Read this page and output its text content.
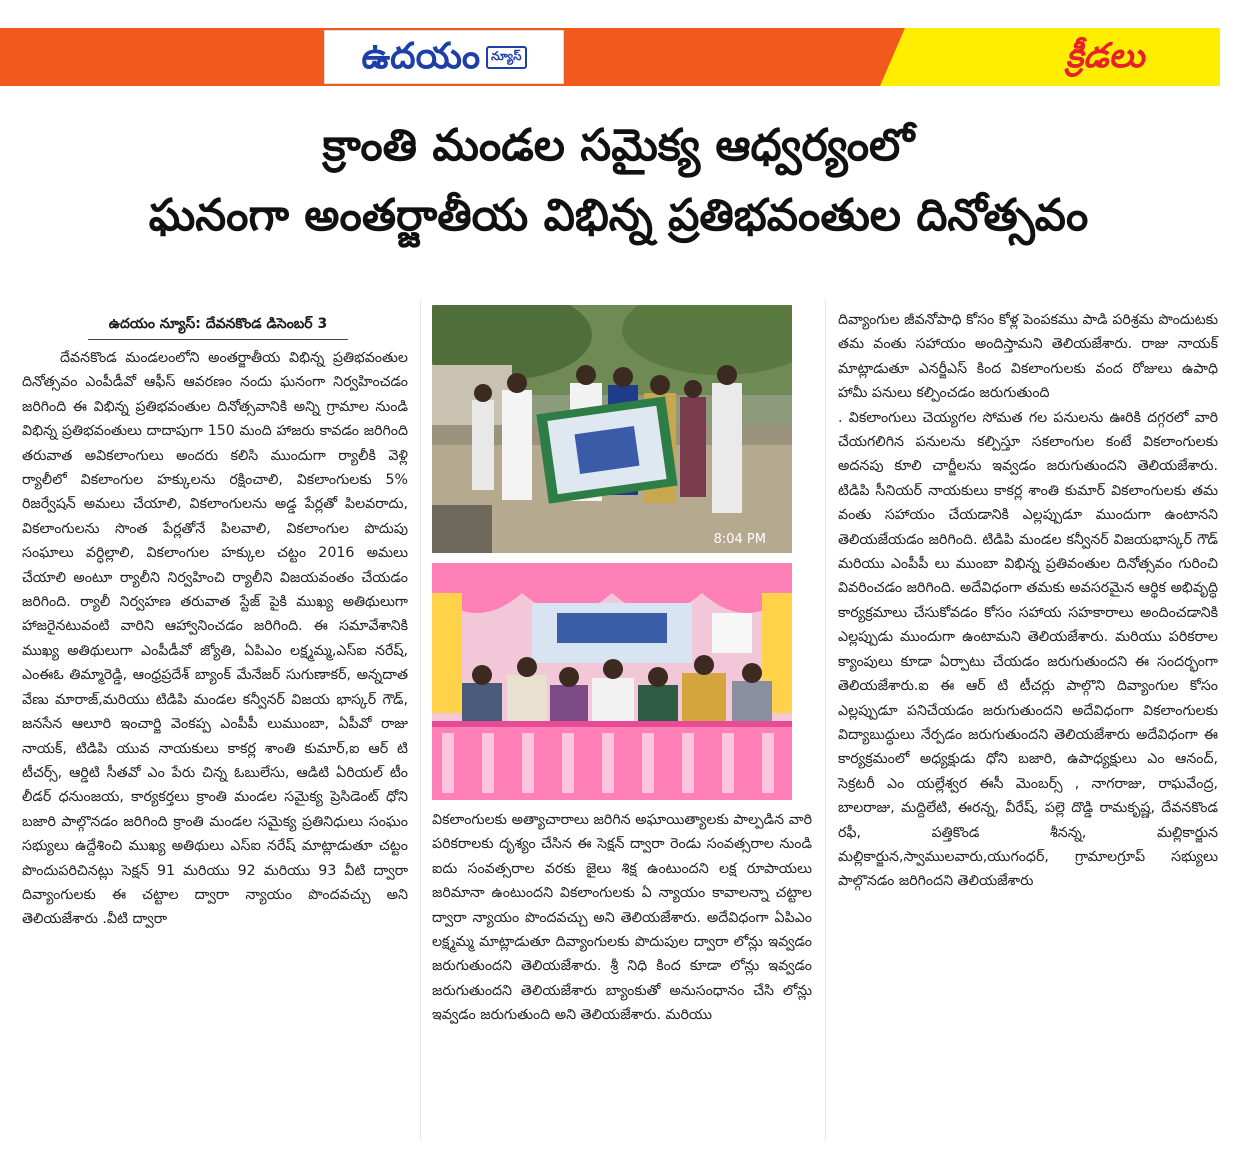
ఉదయం న్యూస్	క్రీడలు
క్రాంతి మండల సమైక్య ఆధ్వర్యంలో
ఘనంగా అంతర్జాతీయ విభిన్న ప్రతిభవంతుల దినోత్సవం
ఉదయం న్యూస్: దేవనకొండ డిసెంబర్ 3

దేవనకొండ మండలంలోని అంతర్జాతీయ విభిన్న ప్రతిభవంతుల దినోత్సవం ఎంపీడీవో ఆఫీస్ ఆవరణం నందు ఘనంగా నిర్వహించడం జరిగింది ఈ విభిన్న ప్రతిభవంతుల దినోత్సవానికి అన్ని గ్రామాల నుండి విభిన్న ప్రతిభవంతులు దాదాపుగా 150 మంది హాజరు కావడం జరిగింది తరువాత అవికలాంగులు అందరు కలిసి ముందుగా ర్యాలీకి వెళ్లి ర్యాలీలో వికలాంగుల హక్కులను రక్షించాలి, వికలాంగులకు 5% రిజర్వేషన్ అమలు చేయాలి, వికలాంగులను అడ్డ పేర్లతో పిలవరాదు, వికలాంగులను సొంత పేర్లతోనే పిలవాలి, వికలాంగుల పొదుపు సంఘాలు వర్ధిల్లాలి, వికలాంగుల హక్కుల చట్టం 2016 అమలు చేయాలి అంటూ ర్యాలీని నిర్వహించి ర్యాలీని విజయవంతం చేయడం జరిగింది. ర్యాలీ నిర్వహణ తరువాత స్టేజ్ పైకి ముఖ్య అతిథులుగా హాజరైనటువంటి వారిని ఆహ్వానించడం జరిగింది. ఈ సమావేశానికి ముఖ్య అతిథులుగా ఎంపీడీవో జ్యోతి, ఏపిఎం లక్ష్మమ్మ,ఎస్ఐ నరేష్, ఎంఈఓ తిమ్మారెడ్డి, ఆంధ్రప్రదేశ్ బ్యాంక్ మేనేజర్ సుగుణాకర్, అన్నదాత వేణు మారాజ్,మరియు టిడిపి మండల కన్వీనర్ విజయ భాస్కర్ గౌడ్, జనసేన ఆలూరి ఇంచార్జి వెంకప్ప ఎంపీపీ లుముంబా, ఏపీవో రాజు నాయక్, టిడిపి యువ నాయకులు కాకర్ల శాంతి కుమార్,ఐ ఆర్ టి టీచర్స్, ఆర్డిటి సీతవో ఎం పేరు చిన్న ఓబులేసు, ఆడిటి ఏరియల్ టీం లీడర్ ధనుంజయ, కార్యకర్తలు క్రాంతి మండల సమైక్య ప్రెసిడెంట్ ధోని బజారి పాల్గొనడం జరిగింది క్రాంతి మండల సమైక్య ప్రతినిధులు సంఘం సభ్యులు ఉద్దేశించి ముఖ్య అతిథులు ఎస్ఐ నరేష్ మాట్లాడుతూ చట్టం పొందుపరిచినట్లు సెక్షన్ 91 మరియు 92 మరియు 93 వీటి ద్వారా దివ్యాంగులకు ఈ చట్టాల ద్వారా న్యాయం పొందవచ్చు అని తెలియజేశారు .వీటి ద్వారా

8:04 PM

వికలాంగులకు అత్యాచారాలు జరిగిన అఘాయిత్యాలకు పాల్పడిన వారి పరికరాలకు దృశ్యం చేసిన ఈ సెక్షన్ ద్వారా రెండు సంవత్సరాల నుండి ఐదు సంవత్సరాల వరకు జైలు శిక్ష ఉంటుందని లక్ష రూపాయలు జరిమానా ఉంటుందని వికలాంగులకు ఏ న్యాయం కావాలన్నా చట్టాల ద్వారా న్యాయం పొందవచ్చు అని తెలియజేశారు. అదేవిధంగా ఏపిఎం లక్ష్మమ్మ మాట్లాడుతూ దివ్యాంగులకు పొదుపుల ద్వారా లోన్లు ఇవ్వడం జరుగుతుందని తెలియజేశారు. శ్రీ నిధి కింద కూడా లోన్లు ఇవ్వడం జరుగుతుందని తెలియజేశారు బ్యాంకుతో అనుసంధానం చేసి లోన్లు ఇవ్వడం జరుగుతుంది అని తెలియజేశారు. మరియు

దివ్యాంగుల జీవనోపాధి కోసం కోళ్ల పెంపకము పాడి పరిశ్రమ పొందుటకు తమ వంతు సహాయం అందిస్తామని తెలియజేశారు. రాజు నాయక్ మాట్లాడుతూ ఎనర్జీఎస్ కింద వికలాంగులకు వంద రోజులు ఉపాధి హామీ పనులు కల్పించడం జరుగుతుంది

. వికలాంగులు చెయ్యగల సోమత గల పనులను ఊరికి దగ్గరలో వారి చేయగలిగిన పనులను కల్పిస్తూ సకలాంగుల కంటే వికలాంగులకు అదనపు కూలి చార్జీలను ఇవ్వడం జరుగుతుందని తెలియజేశారు. టిడిపి సీనియర్ నాయకులు కాకర్ల శాంతి కుమార్ వికలాంగులకు తమ వంతు సహాయం చేయడానికి ఎల్లప్పుడూ ముందుగా ఉంటానని తెలియజేయడం జరిగింది. టిడిపి మండల కన్వీనర్ విజయభాస్కర్ గౌడ్ మరియు ఎంపీపీ లు ముంబా విభిన్న ప్రతివంతుల దినోత్సవం గురించి వివరించడం జరిగింది. అదేవిధంగా తమకు అవసరమైన ఆర్థిక అభివృద్ధి కార్యక్రమాలు చేసుకోవడం కోసం సహాయ సహకారాలు అందించడానికి ఎల్లప్పుడు ముందుగా ఉంటామని తెలియజేశారు. మరియు పరికరాల క్యాంపులు కూడా ఏర్పాటు చేయడం జరుగుతుందని ఈ సందర్భంగా తెలియజేశారు.ఐ ఈ ఆర్ టి టీచర్లు పాల్గొని దివ్యాంగుల కోసం ఎల్లప్పుడూ పనిచేయడం జరుగుతుందని అదేవిధంగా వికలాంగులకు విద్యాబుద్ధులు నేర్పడం జరుగుతుందని తెలియజేశారు అదేవిధంగా ఈ కార్యక్రమంలో అధ్యక్షుడు ధోని బజారి, ఉపాధ్యక్షులు ఎం ఆనంద్, సెక్రటరీ ఎం యల్లేశ్వర ఈసీ మెంబర్స్ , నాగరాజు, రాఘవేంద్ర, బాలరాజు, మద్దిలేటి, ఈరన్న, వీరేష్, పల్లె దొడ్డి రామకృష్ణ, దేవనకొండ రఫీ, పత్తికొండ శీనన్న, మల్లికార్జున మల్లికార్జున,స్వాములవారు,యుగంధర్, గ్రామాలగ్రూప్ సభ్యులు పాల్గొనడం జరిగిందని తెలియజేశారు
